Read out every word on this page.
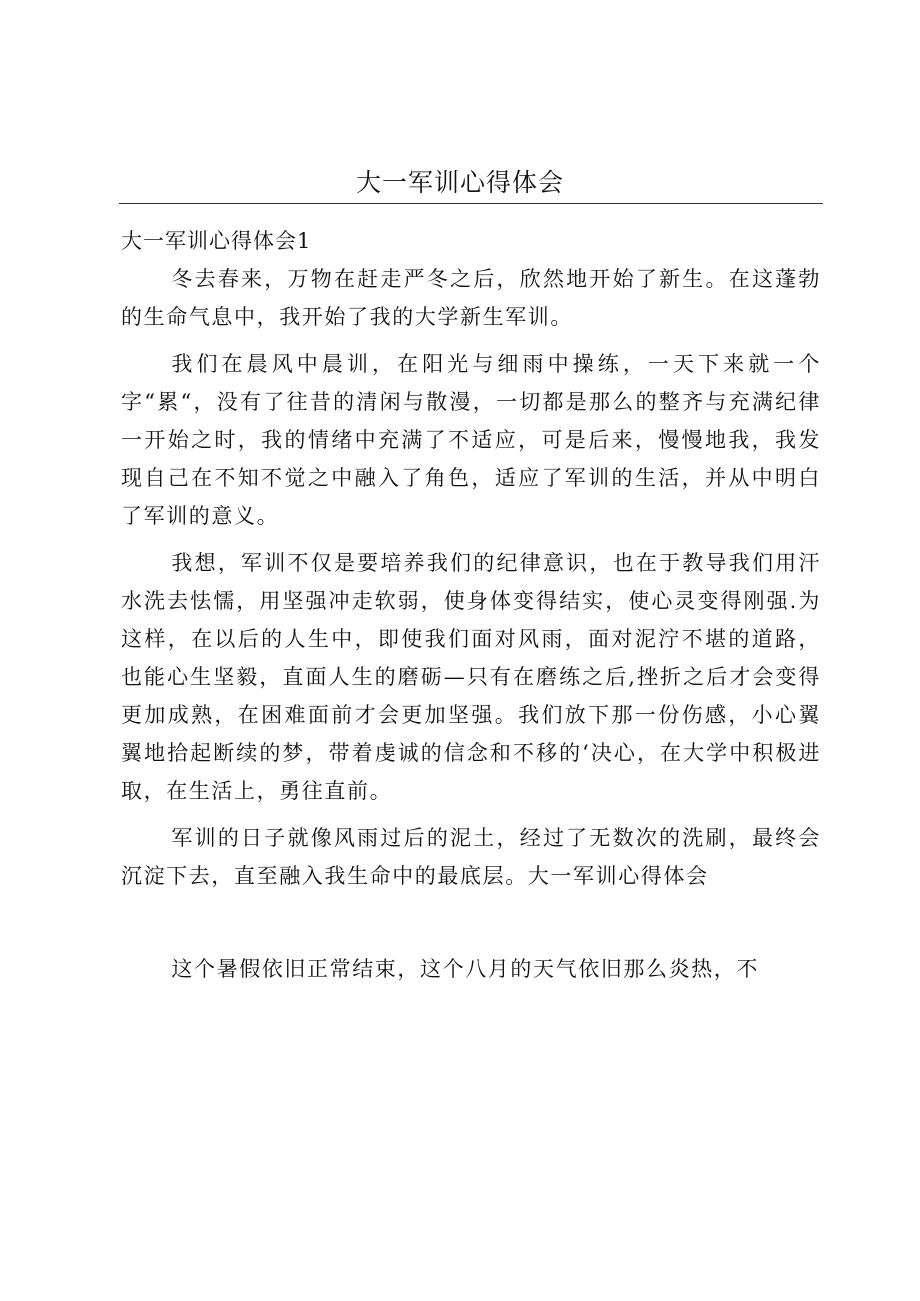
大一军训心得体会

大一军训心得体会1

冬去春来，万物在赶走严冬之后，欣然地开始了新生。在这蓬勃的生命气息中，我开始了我的大学新生军训。

我们在晨风中晨训，在阳光与细雨中操练，一天下来就一个字“累“，没有了往昔的清闲与散漫，一切都是那么的整齐与充满纪律一开始之时，我的情绪中充满了不适应，可是后来，慢慢地我，我发现自己在不知不觉之中融入了角色，适应了军训的生活，并从中明白了军训的意义。

我想，军训不仅是要培养我们的纪律意识，也在于教导我们用汗水洗去怯懦，用坚强冲走软弱，使身体变得结实，使心灵变得刚强.为这样，在以后的人生中，即使我们面对风雨，面对泥泞不堪的道路，也能心生坚毅，直面人生的磨砺—只有在磨练之后,挫折之后才会变得更加成熟，在困难面前才会更加坚强。我们放下那一份伤感，小心翼翼地拾起断续的梦，带着虔诚的信念和不移的‘决心，在大学中积极进取，在生活上，勇往直前。

军训的日子就像风雨过后的泥土，经过了无数次的洗刷，最终会沉淀下去，直至融入我生命中的最底层。大一军训心得体会

这个暑假依旧正常结束，这个八月的天气依旧那么炎热，不
